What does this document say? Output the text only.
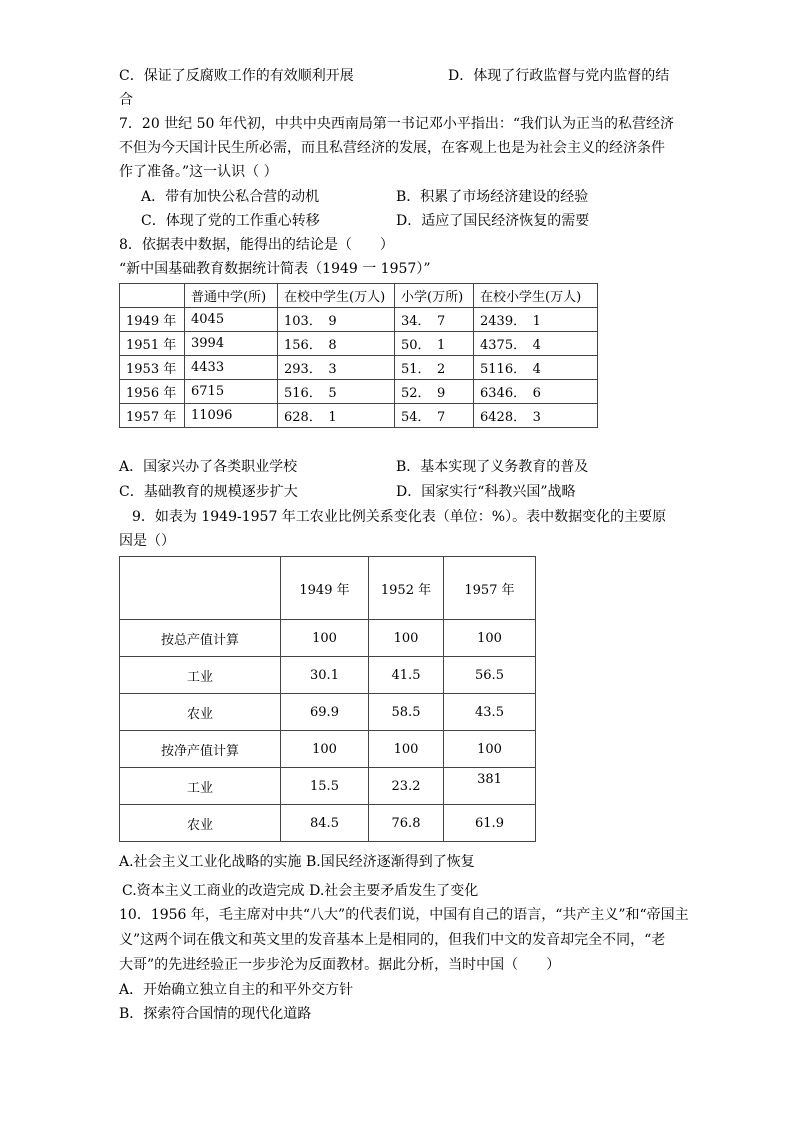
C．保证了反腐败工作的有效顺利开展	D．体现了行政监督与党内监督的结
合
7．20 世纪 50 年代初，中共中央西南局第一书记邓小平指出：“我们认为正当的私营经济
不但为今天国计民生所必需，而且私营经济的发展，在客观上也是为社会主义的经济条件
作了准备。”这一认识（ ）
A．带有加快公私合营的动机	B．积累了市场经济建设的经验
C．体现了党的工作重心转移	D．适应了国民经济恢复的需要
8．依据表中数据，能得出的结论是（　　）
“新中国基础教育数据统计简表（1949 一 1957）”
	普通中学(所)	在校中学生(万人)	小学(万所)	在校小学生(万人)
1949 年	4045	103．　9	34．　7	2439．　1
1951 年	3994	156．　8	50．　1	4375．　4
1953 年	4433	293．　3	51．　2	5116．　4
1956 年	6715	516．　5	52．　9	6346．　6
1957 年	11096	628．　1	54．　7	6428．　3
A．国家兴办了各类职业学校	B．基本实现了义务教育的普及
C．基础教育的规模逐步扩大	D．国家实行“科教兴国”战略
9．如表为 1949-1957 年工农业比例关系变化表（单位：%）。表中数据变化的主要原
因是（）
	1949 年	1952 年	1957 年
按总产值计算	100	100	100
工业	30.1	41.5	56.5
农业	69.9	58.5	43.5
按净产值计算	100	100	100
工业	15.5	23.2	381
农业	84.5	76.8	61.9
A.社会主义工业化战略的实施 B.国民经济逐渐得到了恢复
C.资本主义工商业的改造完成 D.社会主要矛盾发生了变化
10．1956 年，毛主席对中共“八大”的代表们说，中国有自己的语言，“共产主义”和“帝国主
义”这两个词在俄文和英文里的发音基本上是相同的，但我们中文的发音却完全不同，“老
大哥”的先进经验正一步步沦为反面教材。据此分析，当时中国（　　）
A．开始确立独立自主的和平外交方针
B．探索符合国情的现代化道路
